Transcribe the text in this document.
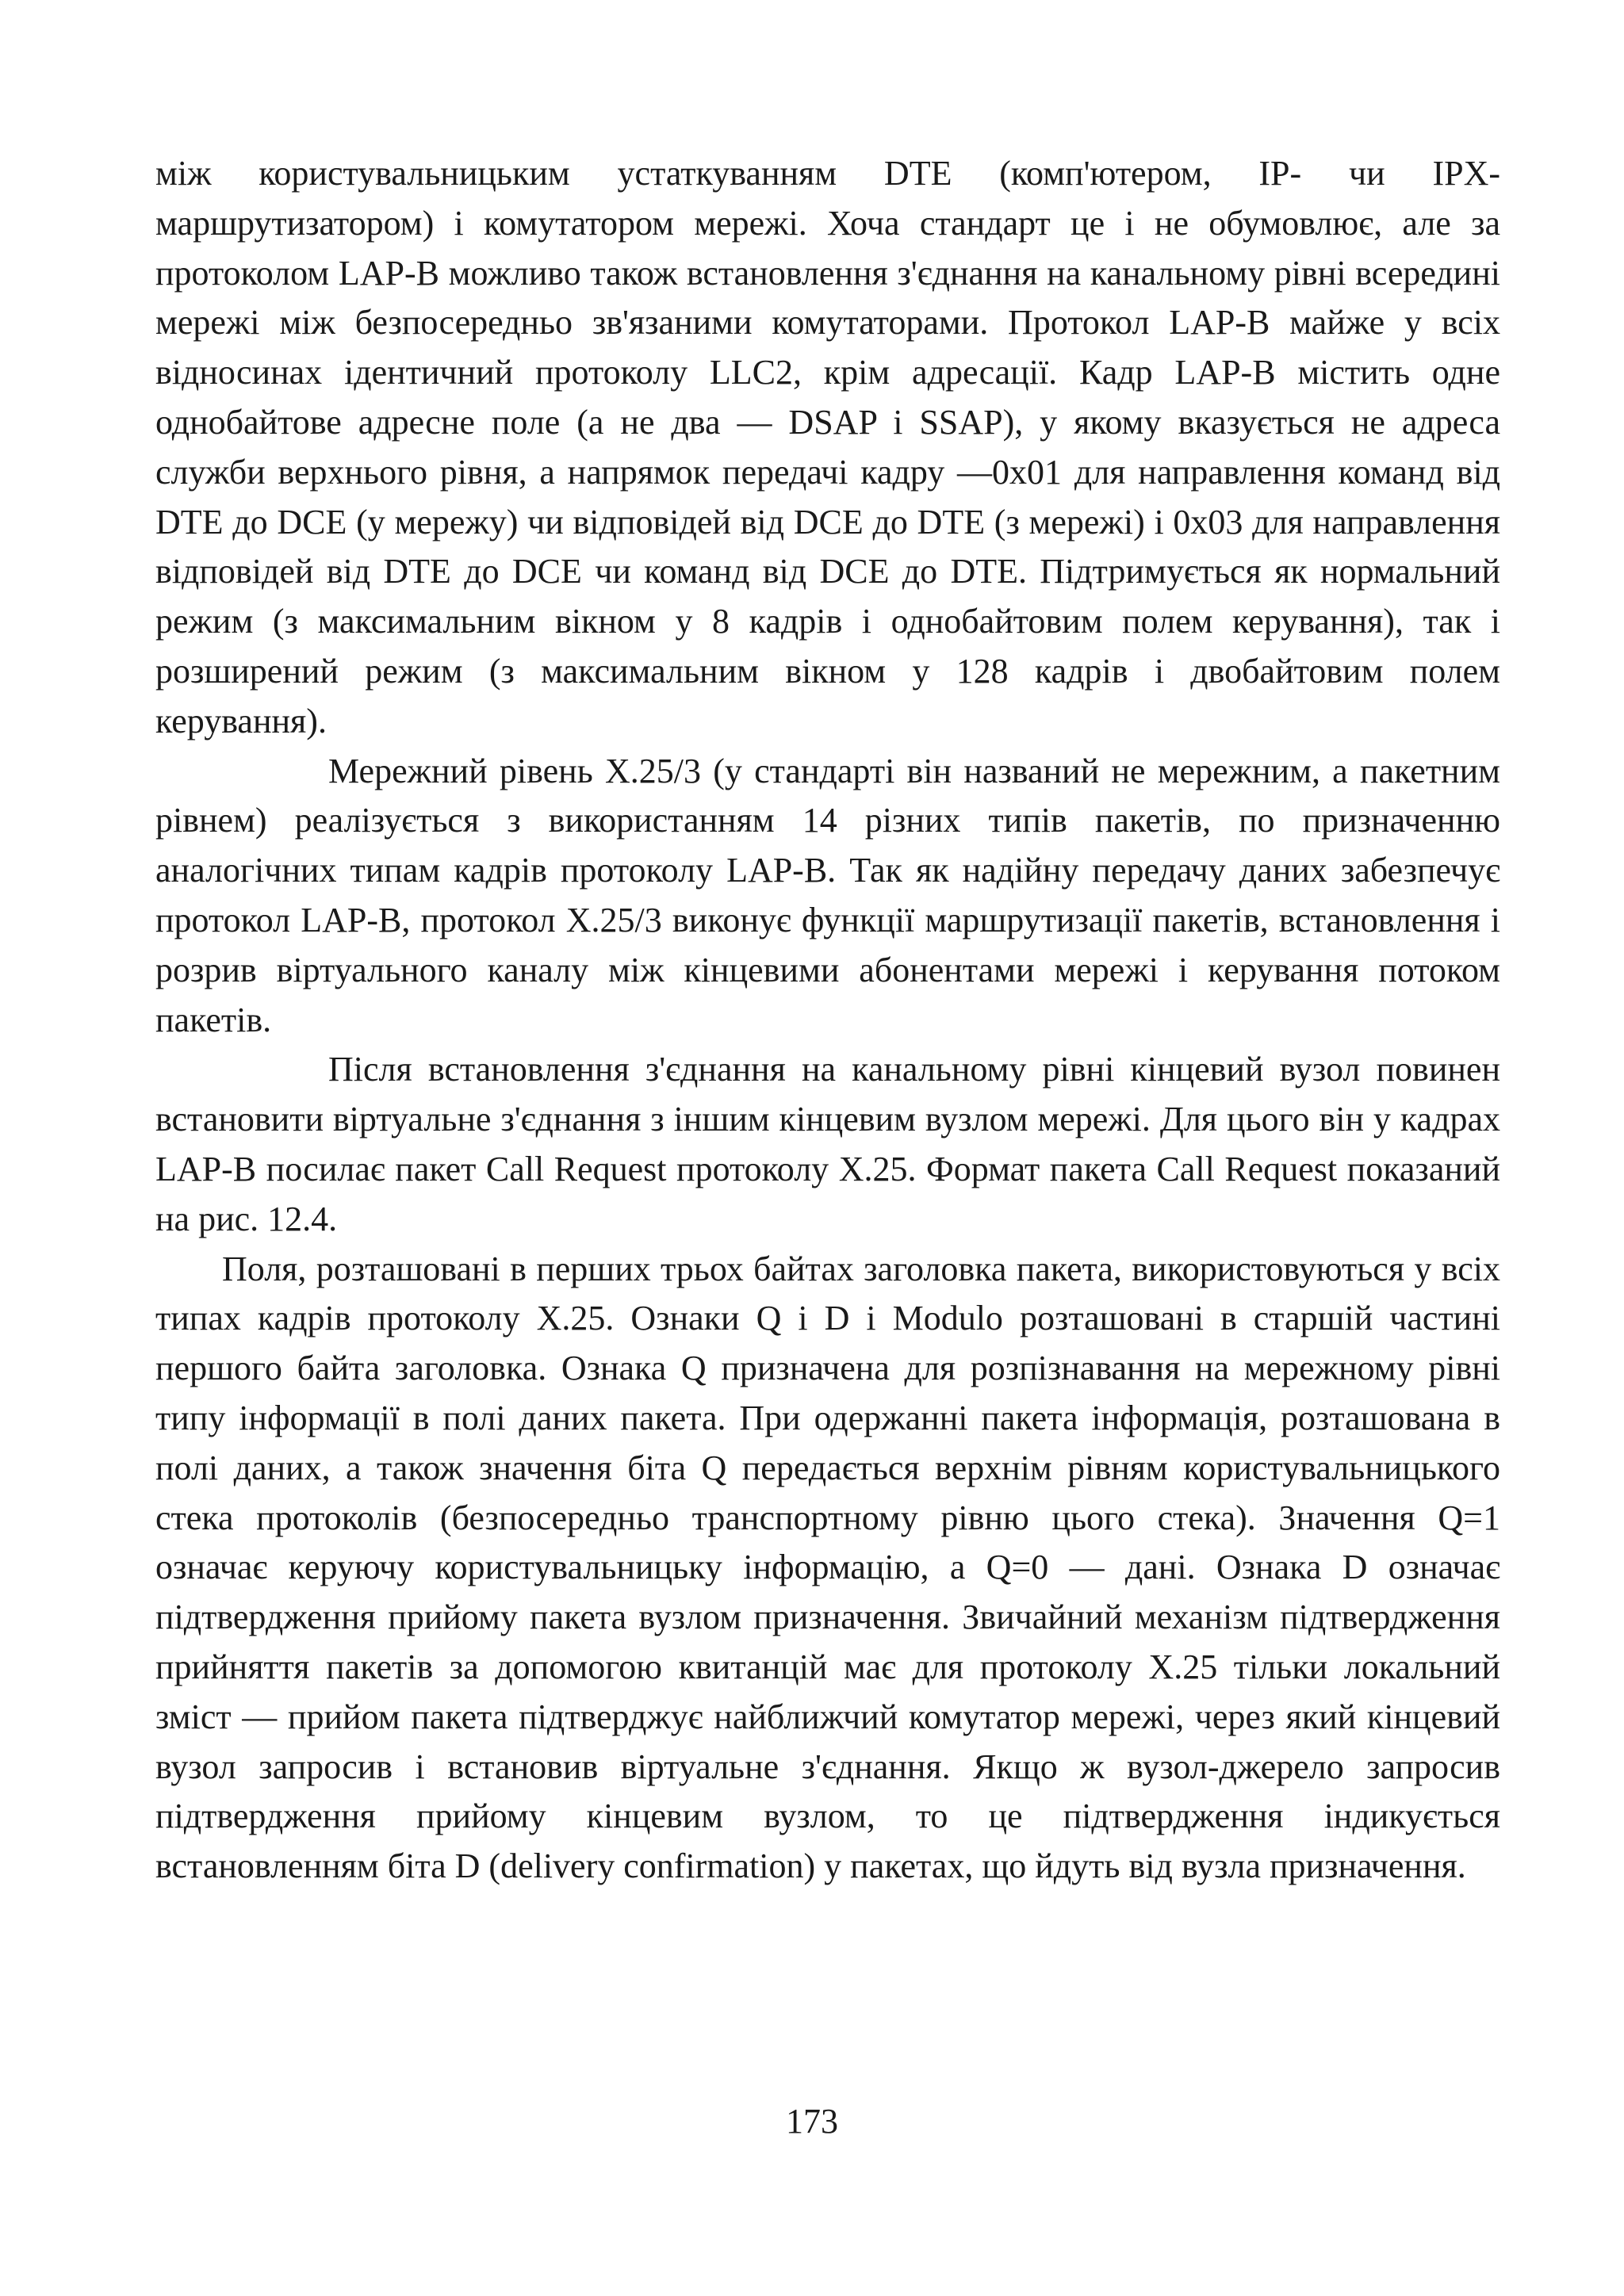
між користувальницьким устаткуванням DTE (комп'ютером, IP- чи IPX-маршрутизатором) і комутатором мережі. Хоча стандарт це і не обумовлює, але за протоколом LAP-B можливо також встановлення з'єднання на канальному рівні всередині мережі між безпосередньо зв'язаними комутаторами. Протокол LAP-B майже у всіх відносинах ідентичний протоколу LLC2, крім адресації. Кадр LAP-B містить одне однобайтове адресне поле (а не два — DSAP і SSAP), у якому вказується не адреса служби верхнього рівня, а напрямок передачі кадру —0x01 для направлення команд від DTE до DCE (у мережу) чи відповідей від DCE до DTE (з мережі) і 0x03 для направлення відповідей від DTE до DCE чи команд від DCE до DTE. Підтримується як нормальний режим (з максимальним вікном у 8 кадрів і однобайтовим полем керування), так і розширений режим (з максимальним вікном у 128 кадрів і двобайтовим полем керування).

Мережний рівень X.25/3 (у стандарті він названий не мережним, а пакетним рівнем) реалізується з використанням 14 різних типів пакетів, по призначенню аналогічних типам кадрів протоколу LAP-B. Так як надійну передачу даних забезпечує протокол LAP-B, протокол X.25/3 виконує функції маршрутизації пакетів, встановлення і розрив віртуального каналу між кінцевими абонентами мережі і керування потоком пакетів.

Після встановлення з'єднання на канальному рівні кінцевий вузол повинен встановити віртуальне з'єднання з іншим кінцевим вузлом мережі. Для цього він у кадрах LAP-B посилає пакет Call Request протоколу X.25. Формат пакета Call Request показаний на рис. 12.4.

Поля, розташовані в перших трьох байтах заголовка пакета, використовуються у всіх типах кадрів протоколу X.25. Ознаки Q і D і Modulo розташовані в старшій частині першого байта заголовка. Ознака Q призначена для розпізнавання на мережному рівні типу інформації в полі даних пакета. При одержанні пакета інформація, розташована в полі даних, а також значення біта Q передається верхнім рівням користувальницького стека протоколів (безпосередньо транспортному рівню цього стека). Значення Q=1 означає керуючу користувальницьку інформацію, а Q=0 — дані. Ознака D означає підтвердження прийому пакета вузлом призначення. Звичайний механізм підтвердження прийняття пакетів за допомогою квитанцій має для протоколу X.25 тільки локальний зміст — прийом пакета підтверджує найближчий комутатор мережі, через який кінцевий вузол запросив і встановив віртуальне з'єднання. Якщо ж вузол-джерело запросив підтвердження прийому кінцевим вузлом, то це підтвердження індикується встановленням біта D (delivery confirmation) у пакетах, що йдуть від вузла призначення.

173
